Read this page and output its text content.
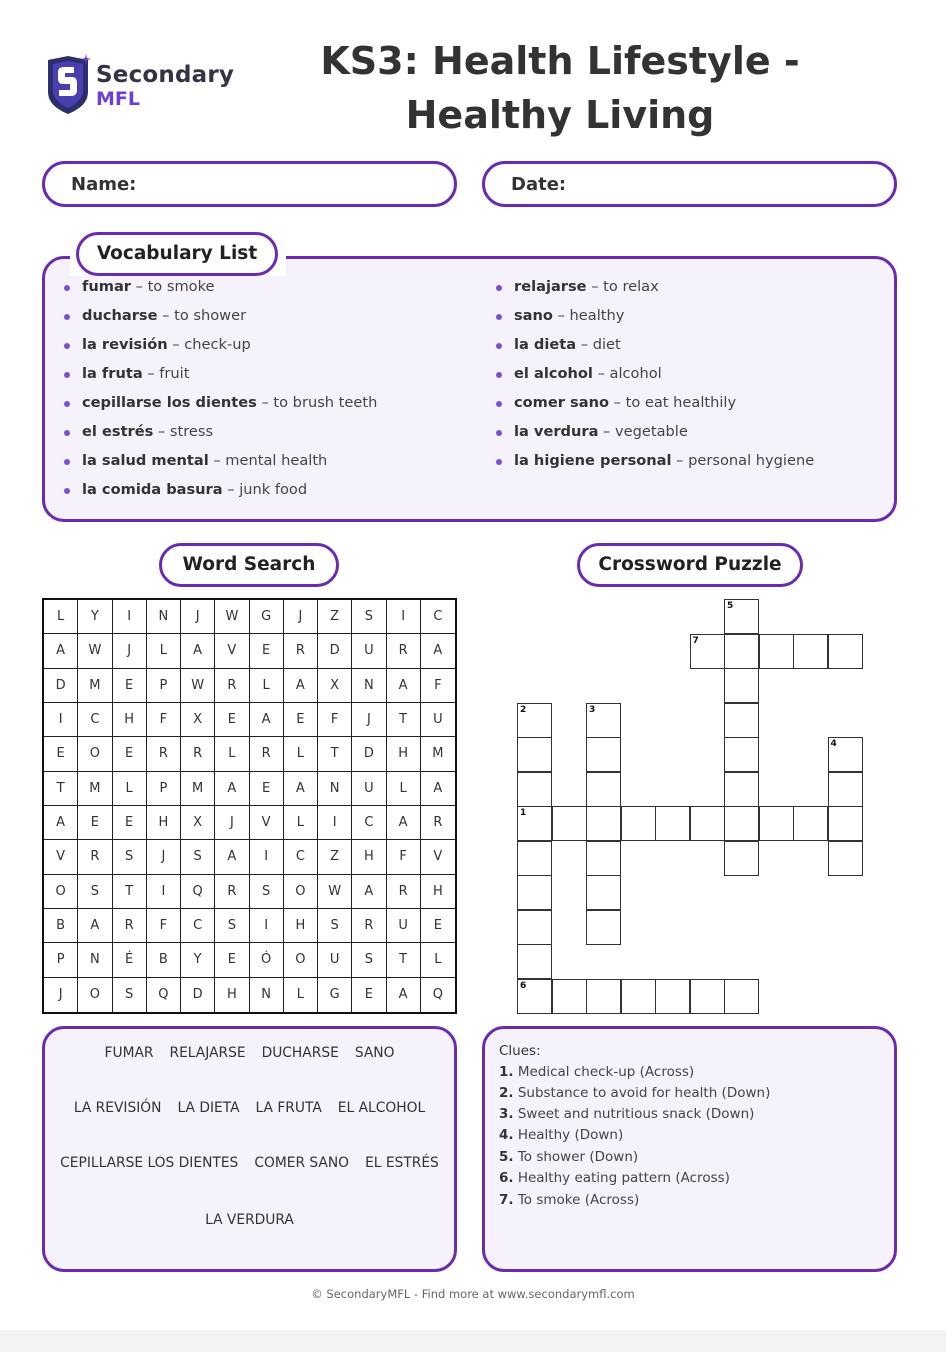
Secondary
MFL
KS3: Health Lifestyle - Healthy Living
Name:	Date:
Vocabulary List
fumar – to smoke
ducharse – to shower
la revisión – check-up
la fruta – fruit
cepillarse los dientes – to brush teeth
el estrés – stress
la salud mental – mental health
la comida basura – junk food
relajarse – to relax
sano – healthy
la dieta – diet
el alcohol – alcohol
comer sano – to eat healthily
la verdura – vegetable
la higiene personal – personal hygiene
Word Search	Crossword Puzzle
L	Y	I	N	J	W	G	J	Z	S	I	C
A	W	J	L	A	V	E	R	D	U	R	A
D	M	E	P	W	R	L	A	X	N	A	F
I	C	H	F	X	E	A	E	F	J	T	U
E	O	E	R	R	L	R	L	T	D	H	M
T	M	L	P	M	A	E	A	N	U	L	A
A	E	E	H	X	J	V	L	I	C	A	R
V	R	S	J	S	A	I	C	Z	H	F	V
O	S	T	I	Q	R	S	O	W	A	R	H
B	A	R	F	C	S	I	H	S	R	U	E
P	N	É	B	Y	E	Ó	O	U	S	T	L
J	O	S	Q	D	H	N	L	G	E	A	Q
FUMAR RELAJARSE DUCHARSE SANO
LA REVISIÓN LA DIETA LA FRUTA EL ALCOHOL
CEPILLARSE LOS DIENTES COMER SANO EL ESTRÉS
LA VERDURA
1
2	3
4
5
6
7
Clues:
1. Medical check-up (Across)
2. Substance to avoid for health (Down)
3. Sweet and nutritious snack (Down)
4. Healthy (Down)
5. To shower (Down)
6. Healthy eating pattern (Across)
7. To smoke (Across)
© SecondaryMFL - Find more at www.secondarymfl.com
